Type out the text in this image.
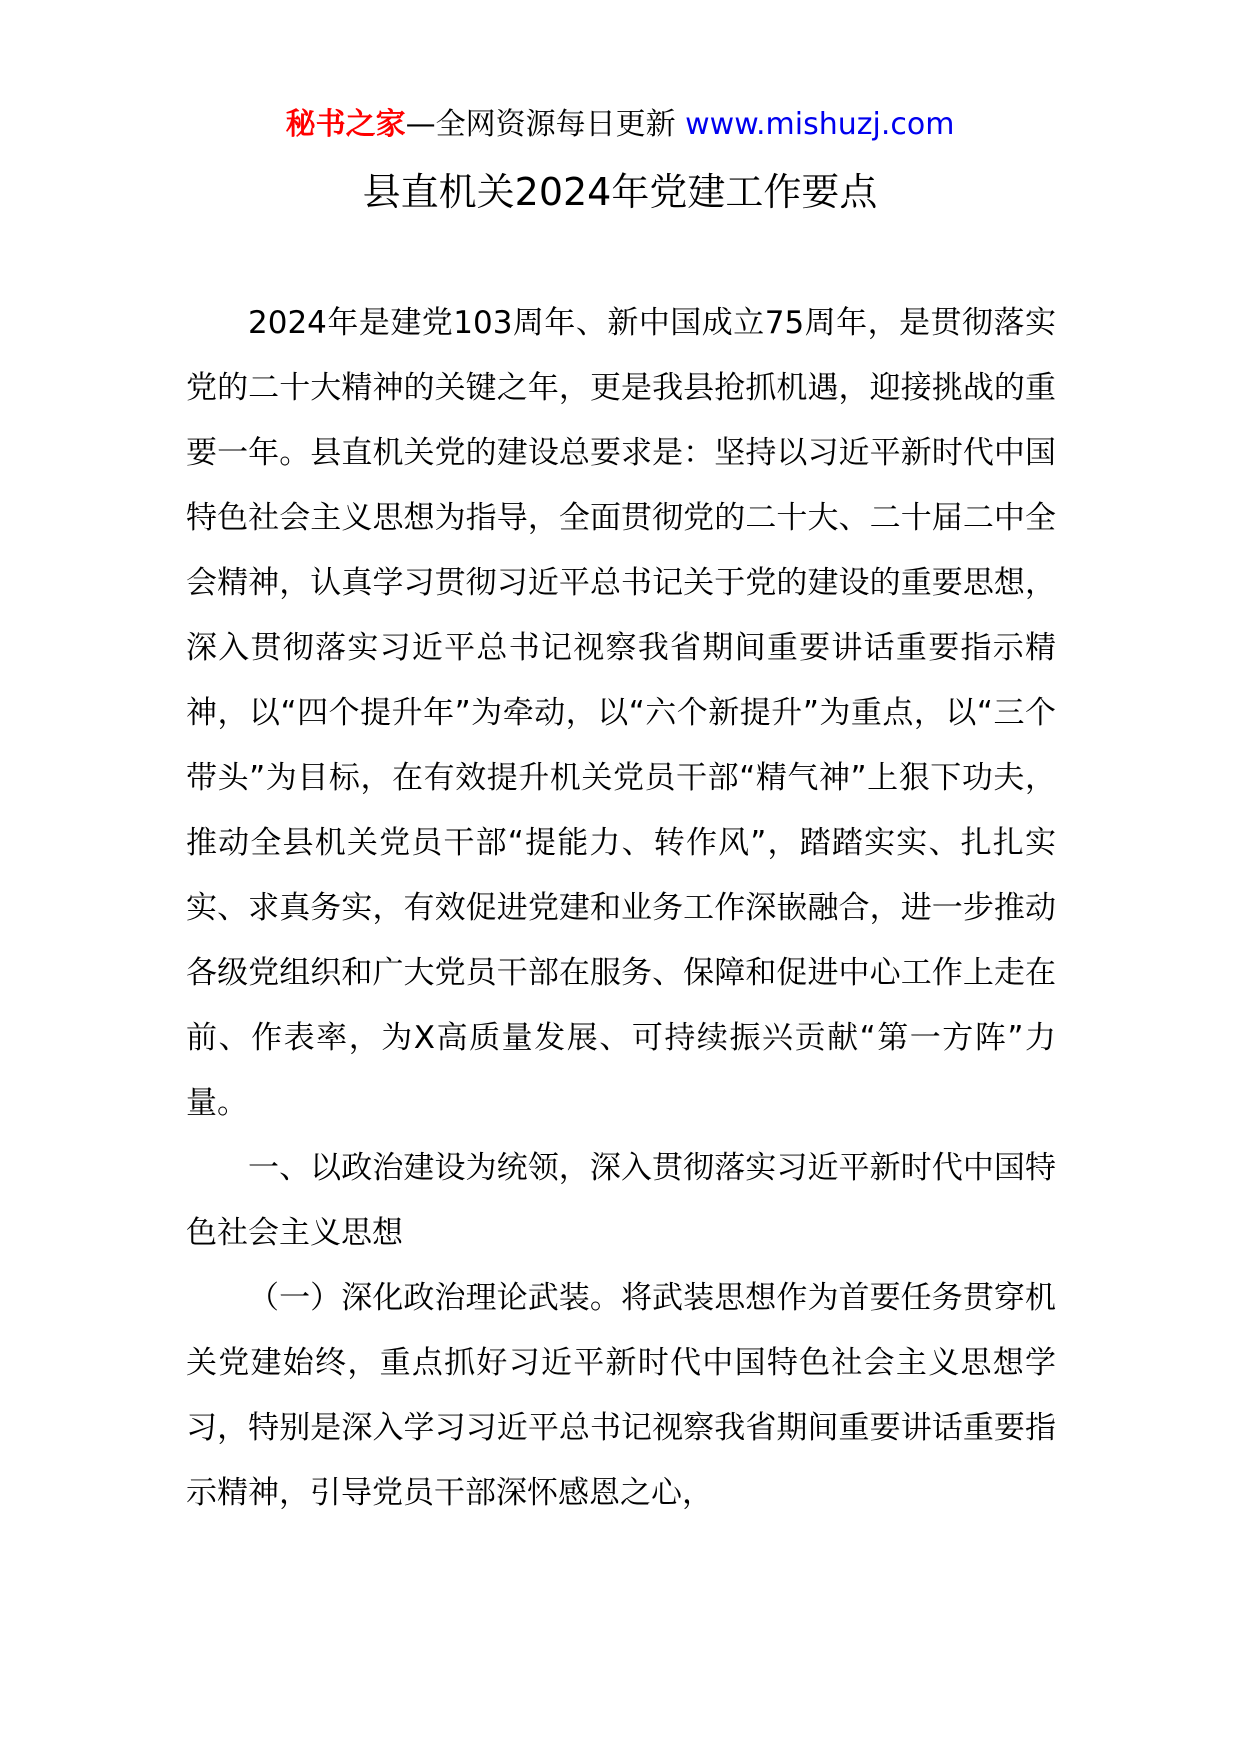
秘书之家—全网资源每日更新 www.mishuzj.com
县直机关2024年党建工作要点

2024年是建党103周年、新中国成立75周年，是贯彻落实党的二十大精神的关键之年，更是我县抢抓机遇，迎接挑战的重要一年。县直机关党的建设总要求是：坚持以习近平新时代中国特色社会主义思想为指导，全面贯彻党的二十大、二十届二中全会精神，认真学习贯彻习近平总书记关于党的建设的重要思想，深入贯彻落实习近平总书记视察我省期间重要讲话重要指示精神，以“四个提升年”为牵动，以“六个新提升”为重点，以“三个带头”为目标，在有效提升机关党员干部“精气神”上狠下功夫，推动全县机关党员干部“提能力、转作风”，踏踏实实、扎扎实实、求真务实，有效促进党建和业务工作深嵌融合，进一步推动各级党组织和广大党员干部在服务、保障和促进中心工作上走在前、作表率，为X高质量发展、可持续振兴贡献“第一方阵”力量。

一、以政治建设为统领，深入贯彻落实习近平新时代中国特色社会主义思想

（一）深化政治理论武装。将武装思想作为首要任务贯穿机关党建始终，重点抓好习近平新时代中国特色社会主义思想学习，特别是深入学习习近平总书记视察我省期间重要讲话重要指示精神，引导党员干部深怀感恩之心，
